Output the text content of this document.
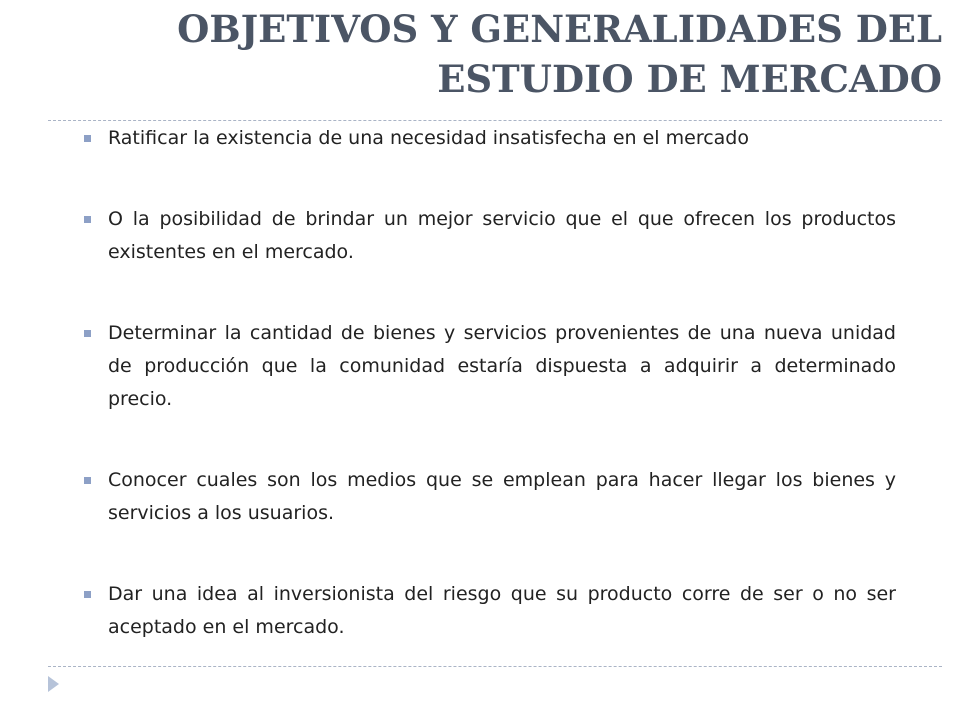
OBJETIVOS Y GENERALIDADES DEL
ESTUDIO DE MERCADO
Ratificar la existencia de una necesidad insatisfecha en el mercado
O la posibilidad de brindar un mejor servicio que el que ofrecen los productos existentes en el mercado.
Determinar la cantidad de bienes y servicios provenientes de una nueva unidad de producción que la comunidad estaría dispuesta a adquirir a determinado precio.
Conocer cuales son los medios que se emplean para hacer llegar los bienes y servicios a los usuarios.
Dar una idea al inversionista del riesgo que su producto corre de ser o no ser aceptado en el mercado.
